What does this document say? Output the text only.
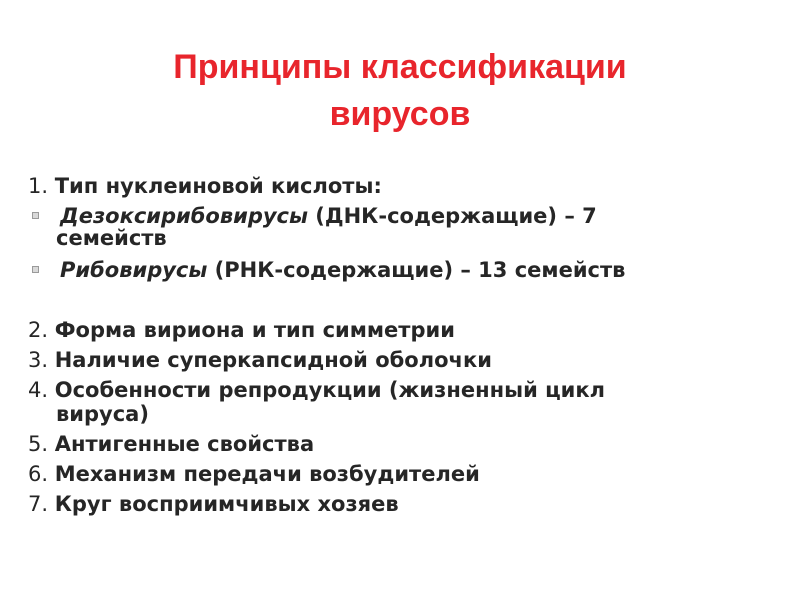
Принципы классификации
вирусов
1. Тип нуклеиновой кислоты:
Дезоксирибовирусы (ДНК-содержащие) – 7
семейств
Рибовирусы (РНК-содержащие) – 13 семейств
2. Форма вириона и тип симметрии
3. Наличие суперкапсидной оболочки
4. Особенности репродукции (жизненный цикл
вируса)
5. Антигенные свойства
6. Механизм передачи возбудителей
7. Круг восприимчивых хозяев
